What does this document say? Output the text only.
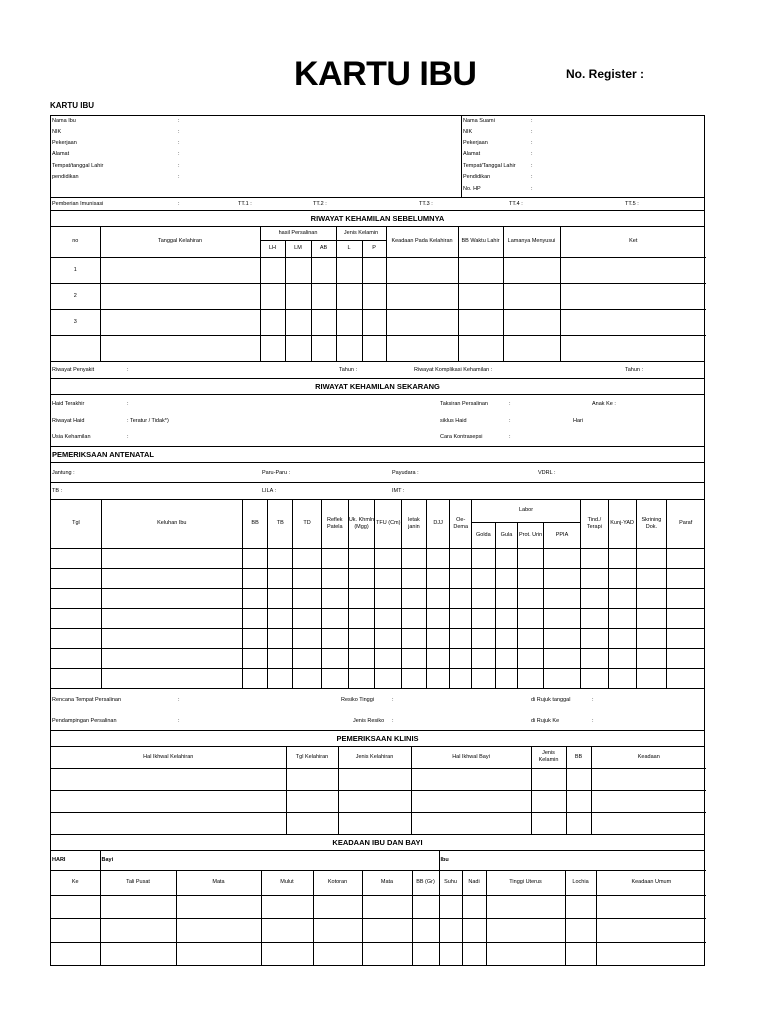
KARTU IBU	No. Register :
KARTU IBU
Nama Ibu	:
NIK	:
Pekerjaan	:
Alamat	:
Tempat/tanggal Lahir	:
pendidikan	:
Nama Suami	:
NIK	:
Pekerjaan	:
Alamat	:
Tempat/Tanggal Lahir	:
Pendidikan	:
No. HP	:
Pemberian Imunisasi	:	TT.1 :	TT.2 :	TT.3 :	TT.4 :	TT.5 :
RIWAYAT KEHAMILAN SEBELUMNYA
no	Tanggal Kelahiran	hasil Persalinan			Jenis Kelamin		Keadaan Pada Kelahiran	BB Waktu Lahir	Lamanya Menyusui	Ket
		LH	LM	AB	L	P				
1										
2										
3										

Riwayat Penyakit	:	Tahun :	Riwayat Komplikasi Kehamilan :	Tahun :
RIWAYAT KEHAMILAN SEKARANG
Haid Terakhir	:	Taksiran Persalinan	:	Anak Ke :
Riwayat Haid	: Teratur / Tidak*)	siklus Haid	:	Hari
Usia Kehamilan	:	Cara Kontrasepsi	:
PEMERIKSAAN ANTENATAL
Jantung :	Paru-Paru :	Payudara :	VDRL :
TB :	LILA :	IMT :
Tgl	Keluhan Ibu	BB	TB	TD	Reflek Patela	Uk. Khmln (Mgg)	TFU (Cm)	letak janin	DJJ	Oe-Dema	Labor				Tind./ Terapi	Kunj-YAD	Skrining Dok.	Paraf
											Golda	Gula	Prot. Urin	PPIA				

Rencana Tempat Persalinan	:	Resiko Tinggi	:	di Rujuk tanggal	:
Pendampingan Persalinan	:	Jenis Resiko :	di Rujuk Ke	:
PEMERIKSAAN KLINIS
Hal Ikhwal Kelahiran	Tgl Kelahiran	Jenis Kelahiran	Hal Ikhwal Bayi	Jenis Kelamin	BB	Keadaan

KEADAAN IBU DAN BAYI
HARI	Bayi						Ibu				
Ke	Tali Pusat	Mata	Mulut	Kotoran	Mata	BB (Gr)	Suhu	Nadi	Tinggi Uterus	Lochia	Keadaan Umum
